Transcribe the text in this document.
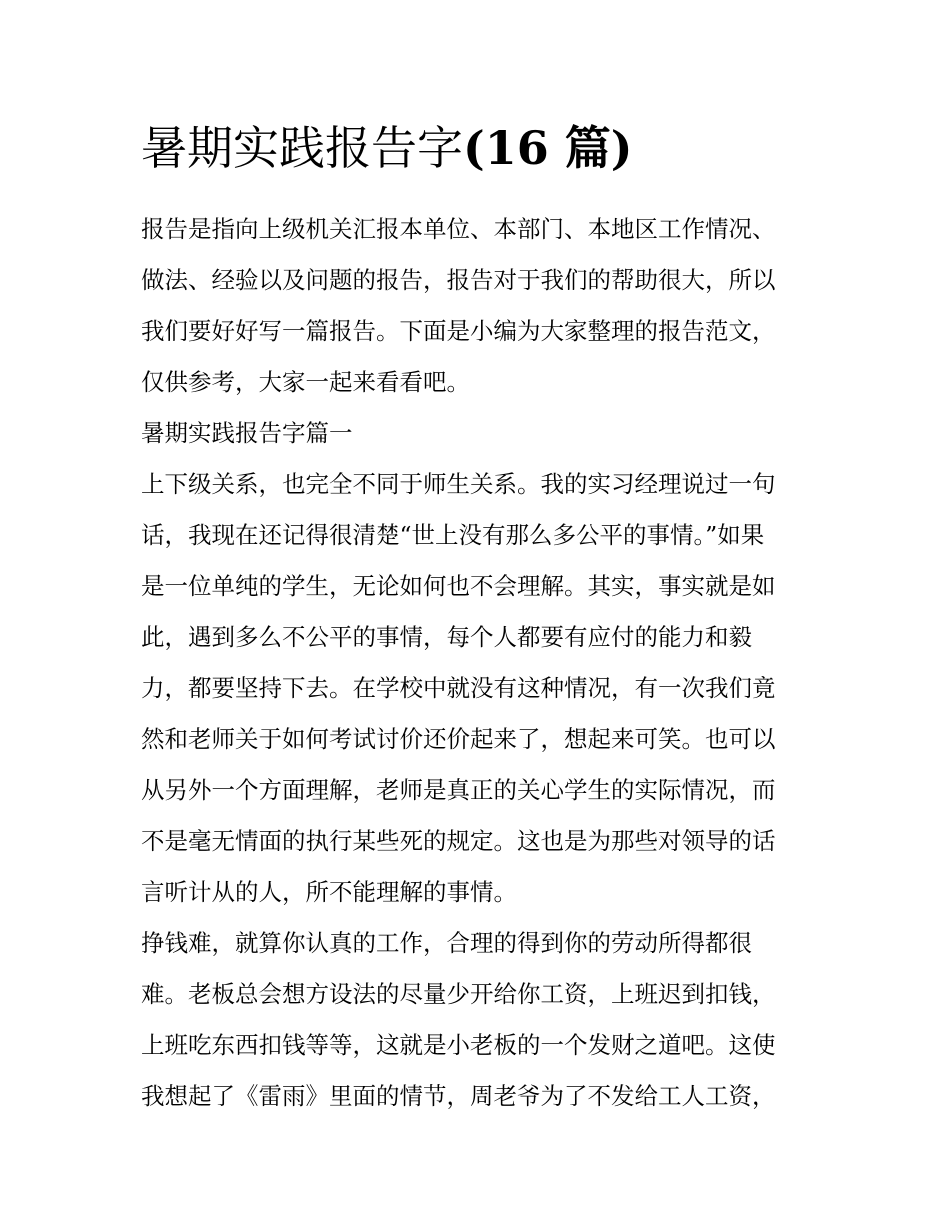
暑期实践报告字(16 篇)
报告是指向上级机关汇报本单位、本部门、本地区工作情况、
做法、经验以及问题的报告，报告对于我们的帮助很大，所以
我们要好好写一篇报告。下面是小编为大家整理的报告范文，
仅供参考，大家一起来看看吧。
暑期实践报告字篇一
上下级关系，也完全不同于师生关系。我的实习经理说过一句
话，我现在还记得很清楚“世上没有那么多公平的事情。”如果
是一位单纯的学生，无论如何也不会理解。其实，事实就是如
此，遇到多么不公平的事情，每个人都要有应付的能力和毅
力，都要坚持下去。在学校中就没有这种情况，有一次我们竟
然和老师关于如何考试讨价还价起来了，想起来可笑。也可以
从另外一个方面理解，老师是真正的关心学生的实际情况，而
不是毫无情面的执行某些死的规定。这也是为那些对领导的话
言听计从的人，所不能理解的事情。
挣钱难，就算你认真的工作，合理的得到你的劳动所得都很
难。老板总会想方设法的尽量少开给你工资，上班迟到扣钱，
上班吃东西扣钱等等，这就是小老板的一个发财之道吧。这使
我想起了《雷雨》里面的情节，周老爷为了不发给工人工资，
